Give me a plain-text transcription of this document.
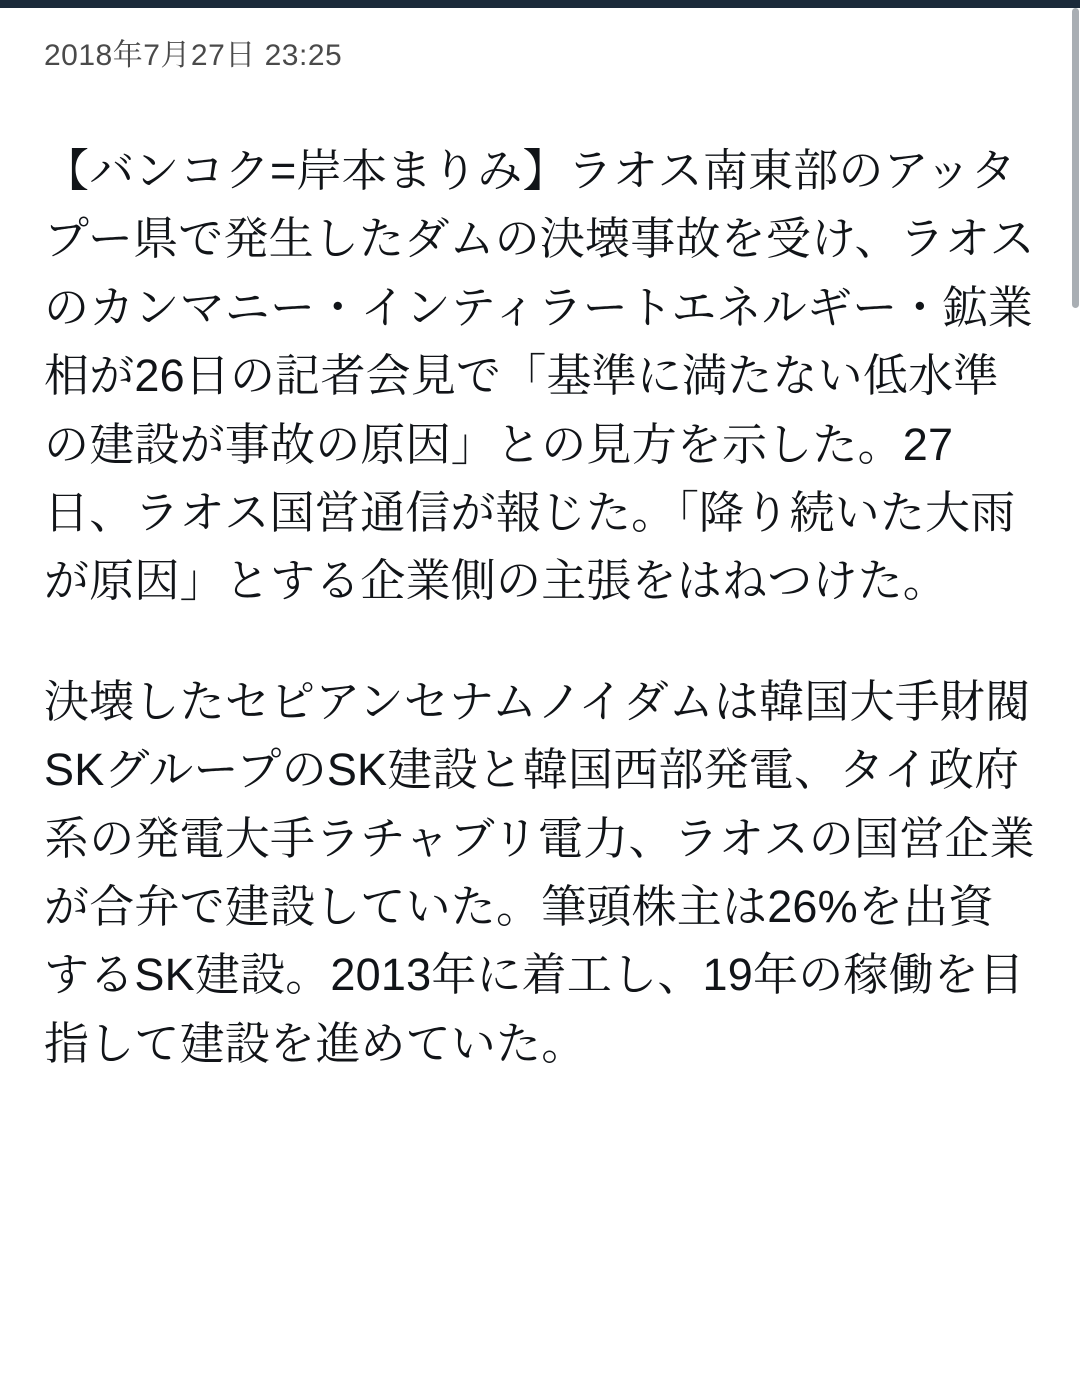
2018年7月27日 23:25

【バンコク=岸本まりみ】ラオス南東部のアッタプー県で発生したダムの決壊事故を受け、ラオスのカンマニー・インティラートエネルギー・鉱業相が26日の記者会見で「基準に満たない低水準の建設が事故の原因」との見方を示した。27日、ラオス国営通信が報じた。「降り続いた大雨が原因」とする企業側の主張をはねつけた。

決壊したセピアンセナムノイダムは韓国大手財閥SKグループのSK建設と韓国西部発電、タイ政府系の発電大手ラチャブリ電力、ラオスの国営企業が合弁で建設していた。筆頭株主は26%を出資するSK建設。2013年に着工し、19年の稼働を目指して建設を進めていた。
